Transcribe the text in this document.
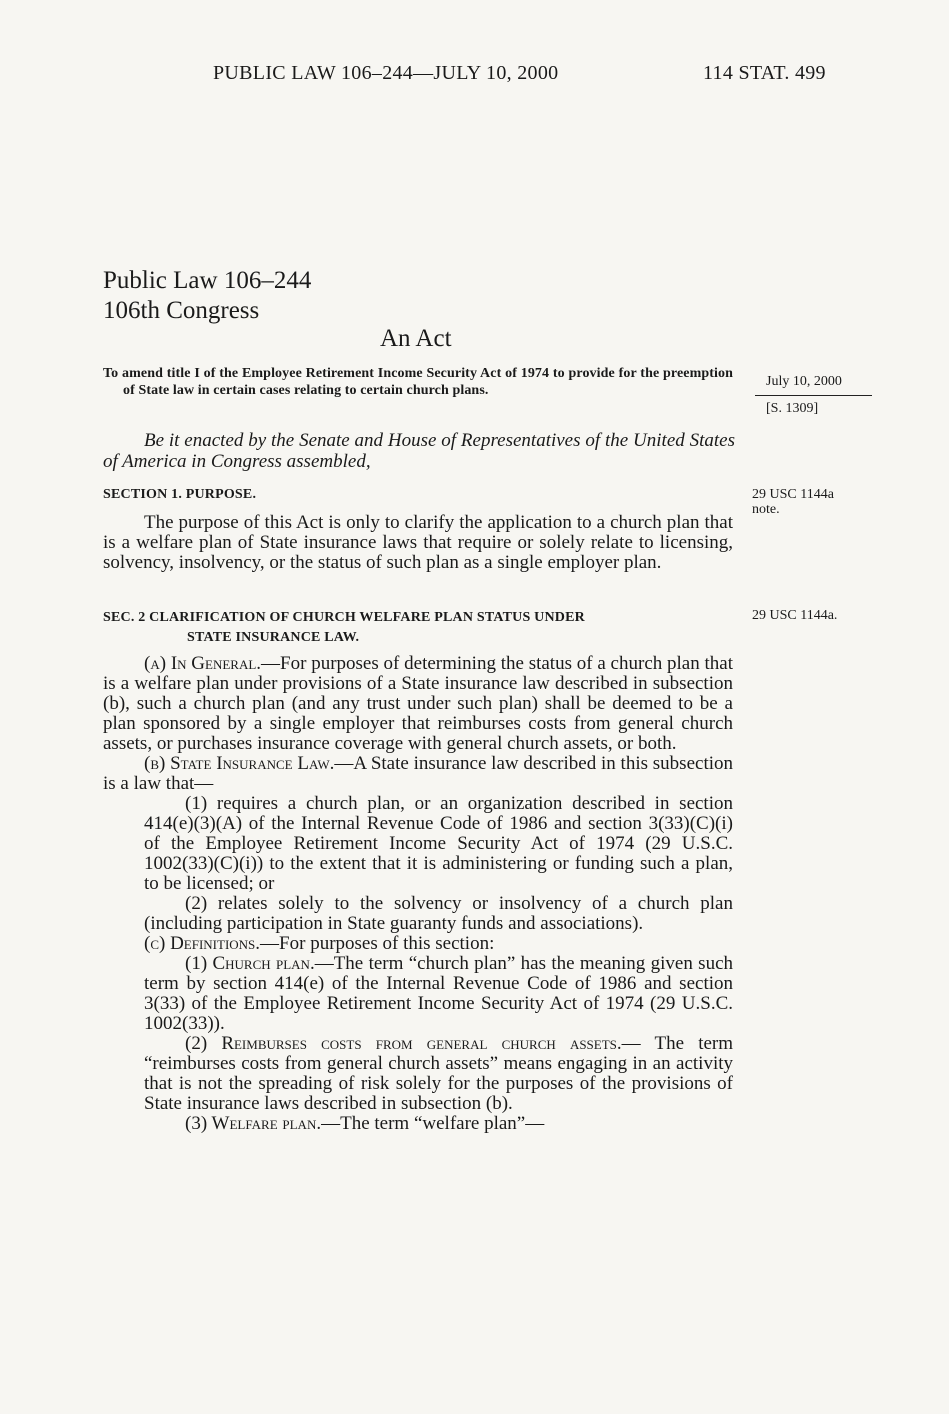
PUBLIC LAW 106–244—JULY 10, 2000	114 STAT. 499
Public Law 106–244
106th Congress
An Act
To amend title I of the Employee Retirement Income Security Act of 1974 to provide for the preemption of State law in certain cases relating to certain church plans.
July 10, 2000
[S. 1309]
Be it enacted by the Senate and House of Representatives of the United States of America in Congress assembled,
SECTION 1. PURPOSE.	29 USC 1144a note.
The purpose of this Act is only to clarify the application to a church plan that is a welfare plan of State insurance laws that require or solely relate to licensing, solvency, insolvency, or the status of such plan as a single employer plan.
SEC. 2 CLARIFICATION OF CHURCH WELFARE PLAN STATUS UNDER
STATE INSURANCE LAW.
29 USC 1144a.

(a) In General.—For purposes of determining the status of a church plan that is a welfare plan under provisions of a State insurance law described in subsection (b), such a church plan (and any trust under such plan) shall be deemed to be a plan sponsored by a single employer that reimburses costs from general church assets, or purchases insurance coverage with general church assets, or both.

(b) State Insurance Law.—A State insurance law described in this subsection is a law that—

(1) requires a church plan, or an organization described in section 414(e)(3)(A) of the Internal Revenue Code of 1986 and section 3(33)(C)(i) of the Employee Retirement Income Security Act of 1974 (29 U.S.C. 1002(33)(C)(i)) to the extent that it is administering or funding such a plan, to be licensed; or

(2) relates solely to the solvency or insolvency of a church plan (including participation in State guaranty funds and associations).

(c) Definitions.—For purposes of this section:

(1) Church plan.—The term “church plan” has the meaning given such term by section 414(e) of the Internal Revenue Code of 1986 and section 3(33) of the Employee Retirement Income Security Act of 1974 (29 U.S.C. 1002(33)).

(2) Reimburses costs from general church assets.— The term “reimburses costs from general church assets” means engaging in an activity that is not the spreading of risk solely for the purposes of the provisions of State insurance laws described in subsection (b).

(3) Welfare plan.—The term “welfare plan”—
